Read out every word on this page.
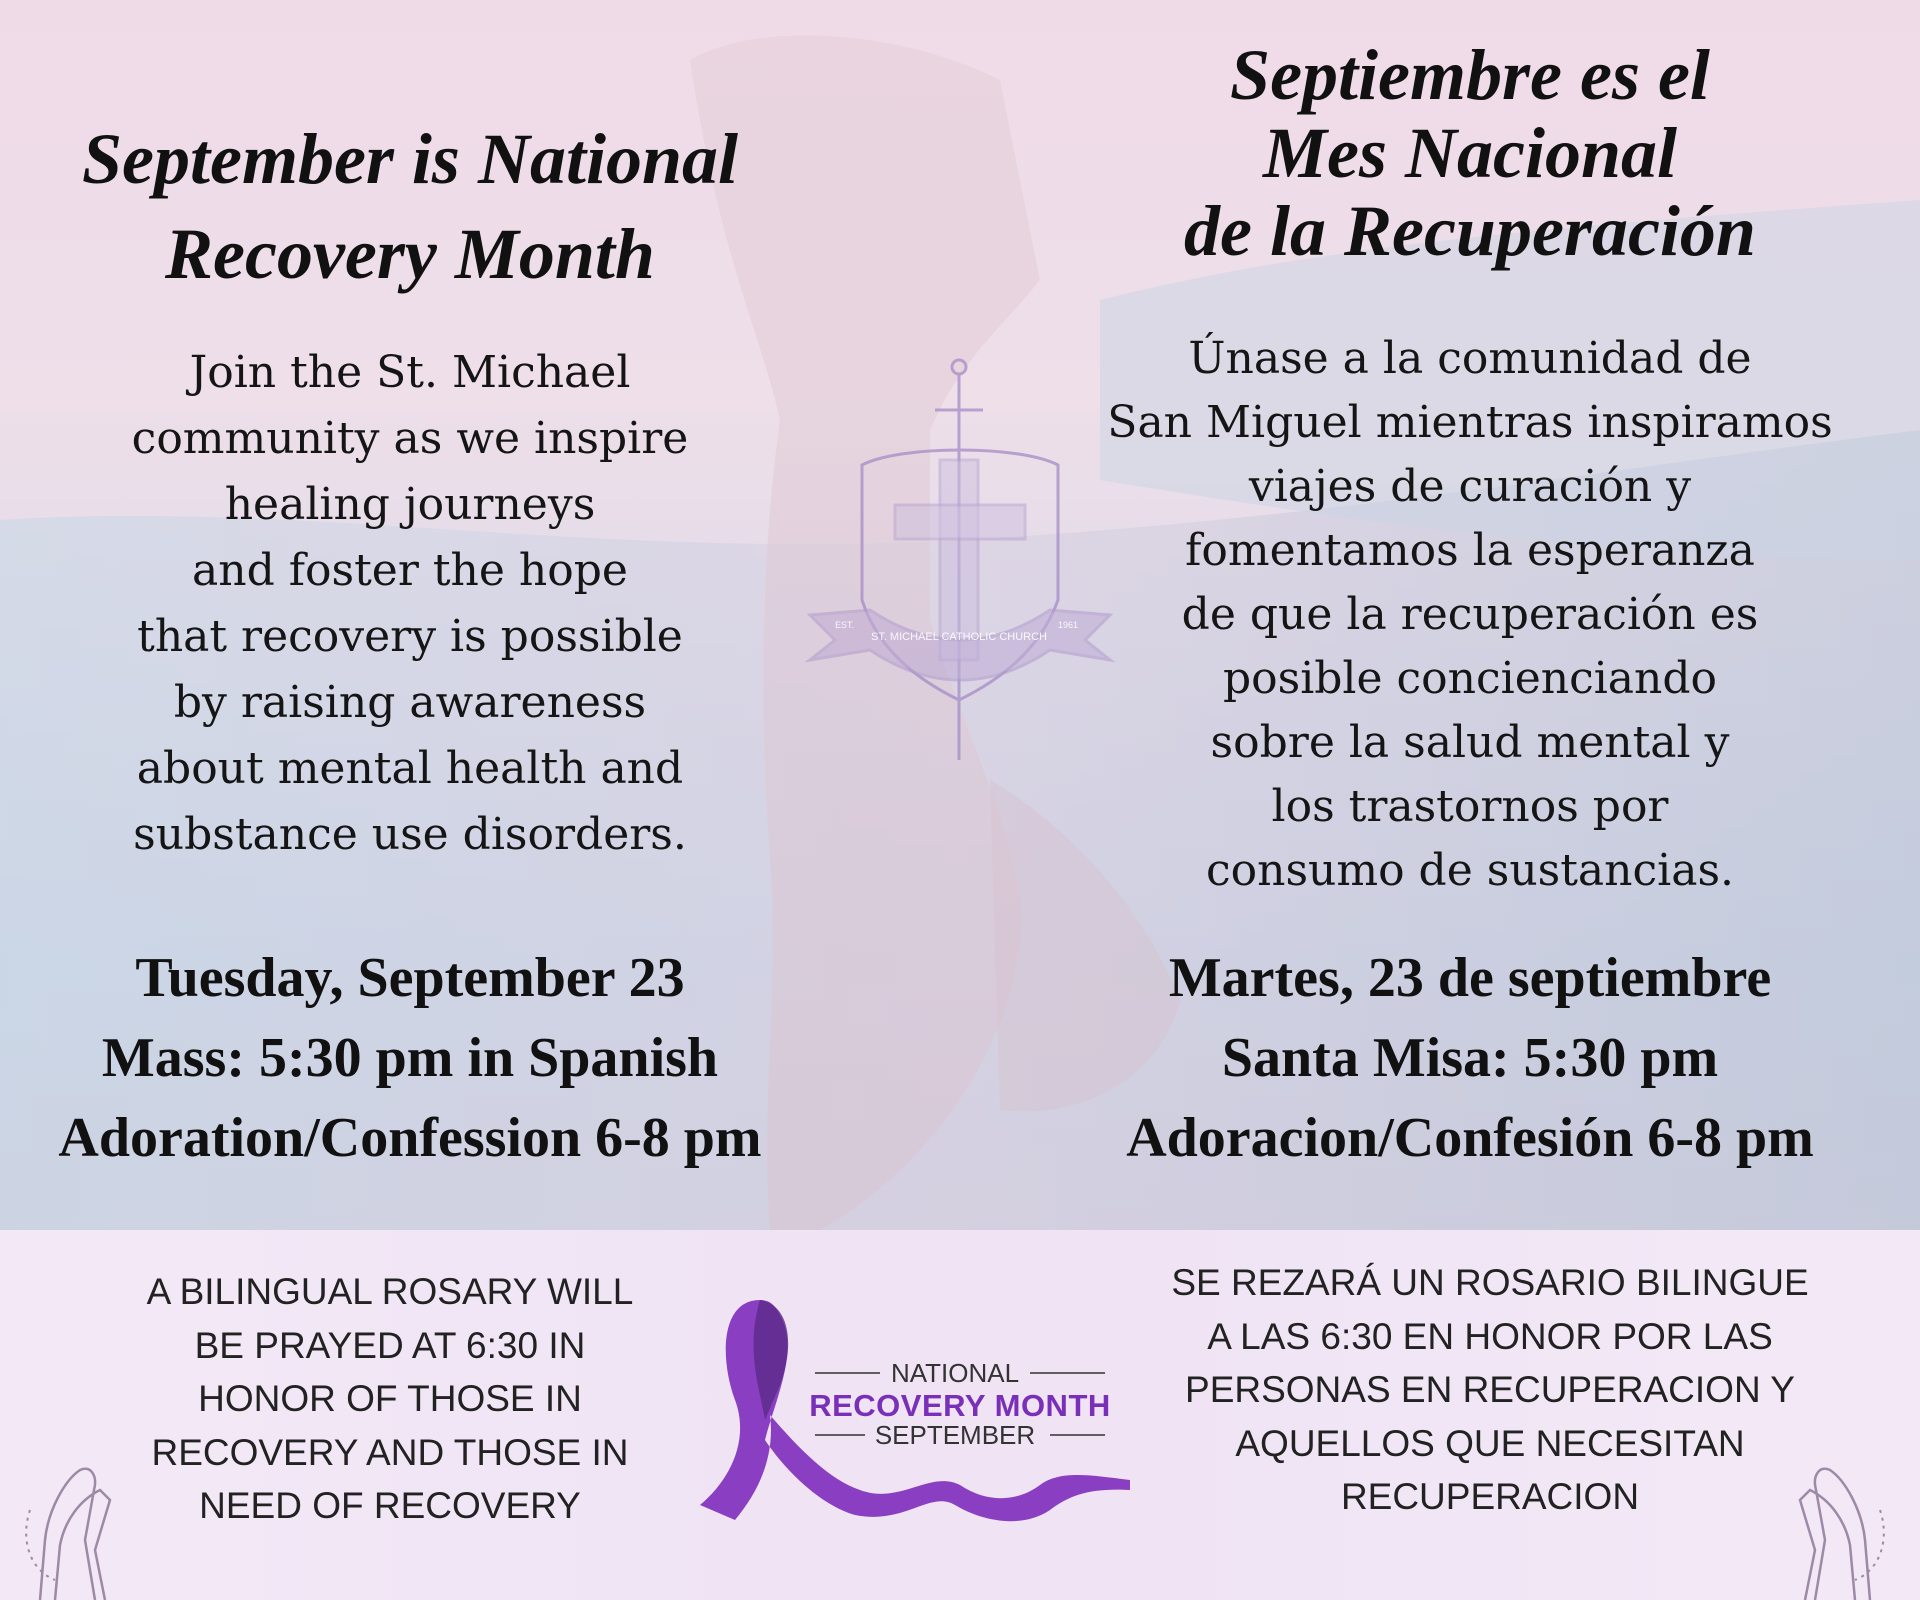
ST. MICHAEL CATHOLIC CHURCH
EST.	1961
September is National
Recovery Month
Join the St. Michael
community as we inspire
healing journeys
and foster the hope
that recovery is possible
by raising awareness
about mental health and
substance use disorders.
Tuesday, September 23
Mass: 5:30 pm in Spanish
Adoration/Confession 6-8 pm
Septiembre es el
Mes Nacional
de la Recuperación
Únase a la comunidad de
San Miguel mientras inspiramos
viajes de curación y
fomentamos la esperanza
de que la recuperación es
posible concienciando
sobre la salud mental y
los trastornos por
consumo de sustancias.
Martes, 23 de septiembre
Santa Misa: 5:30 pm
Adoracion/Confesión 6-8 pm
A BILINGUAL ROSARY WILL
BE PRAYED AT 6:30 IN
HONOR OF THOSE IN
RECOVERY AND THOSE IN
NEED OF RECOVERY
SE REZARÁ UN ROSARIO BILINGUE
A LAS 6:30 EN HONOR POR LAS
PERSONAS EN RECUPERACION Y
AQUELLOS QUE NECESITAN
RECUPERACION
NATIONAL
RECOVERY MONTH
SEPTEMBER
